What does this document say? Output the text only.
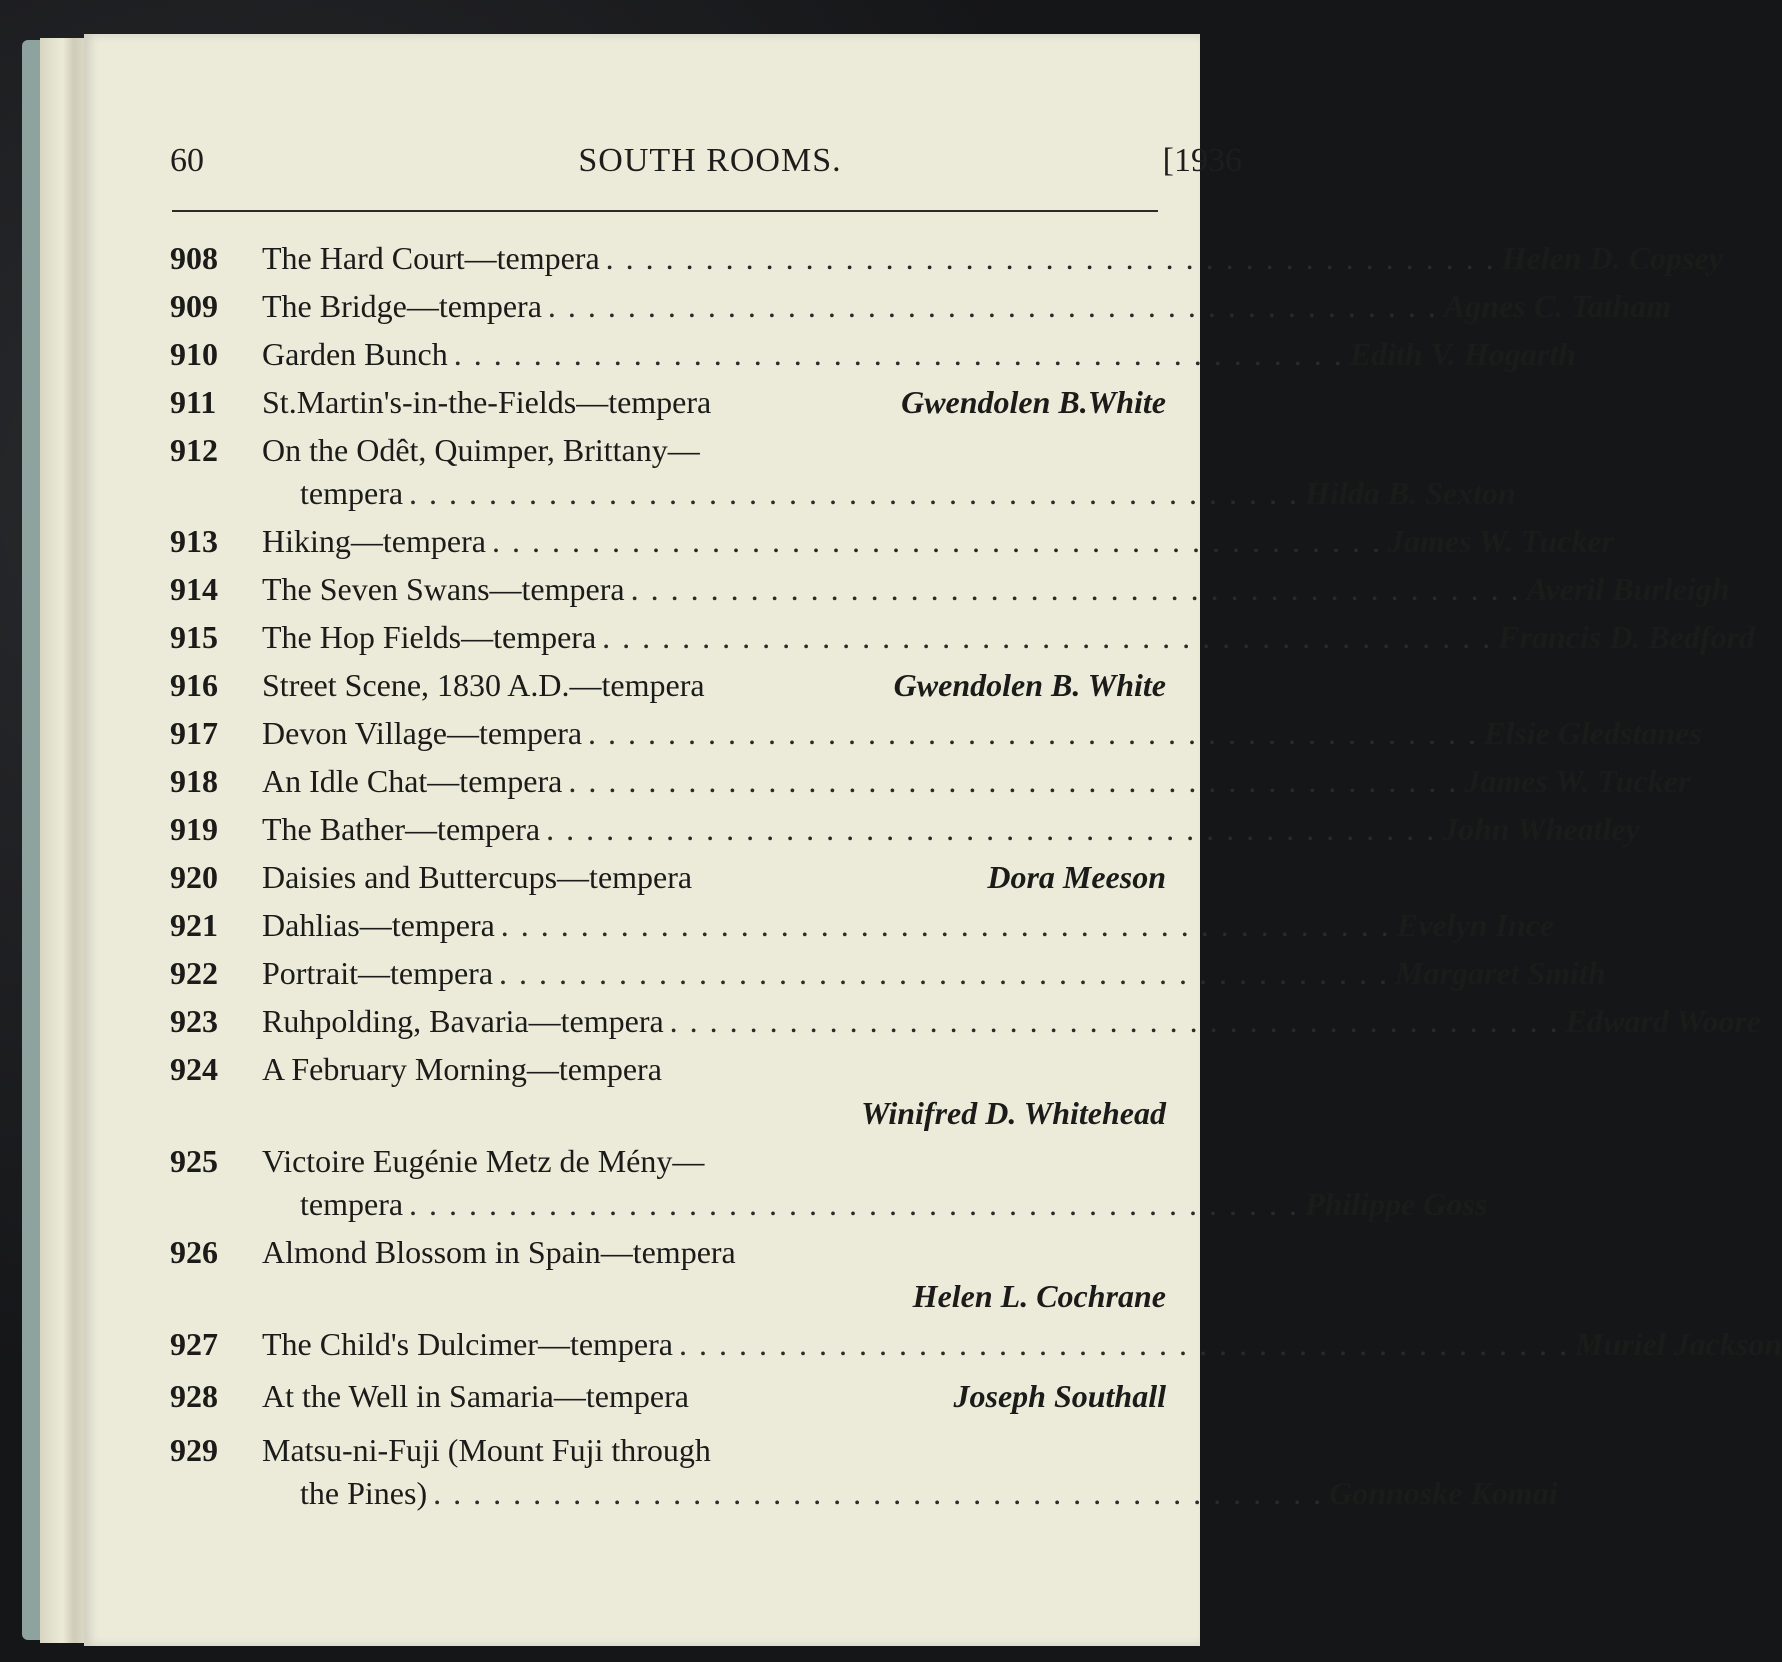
60	SOUTH ROOMS.	[1936
908	The Hard Court—tempera . . .	Helen D. Copsey
909	The Bridge—tempera . . .	Agnes C. Tatham
910	Garden Bunch . . .	Edith V. Hogarth
911	St.Martin's-in-the-Fields—tempera	Gwendolen B.White
912	On the Odêt, Quimper, Brittany—
tempera . . .	Hilda B. Sexton
913	Hiking—tempera . . .	James W. Tucker
914	The Seven Swans—tempera . . .	Averil Burleigh
915	The Hop Fields—tempera . . .	Francis D. Bedford
916	Street Scene, 1830 A.D.—tempera	Gwendolen B. White
917	Devon Village—tempera . . .	Elsie Gledstanes
918	An Idle Chat—tempera . . .	James W. Tucker
919	The Bather—tempera . . .	John Wheatley
920	Daisies and Buttercups—tempera	Dora Meeson
921	Dahlias—tempera . . .	Evelyn Ince
922	Portrait—tempera . . .	Margaret Smith
923	Ruhpolding, Bavaria—tempera . . .	Edward Woore
924	A February Morning—tempera
Winifred D. Whitehead
925	Victoire Eugénie Metz de Mény—
tempera . . .	Philippe Goss
926	Almond Blossom in Spain—tempera
Helen L. Cochrane
927	The Child's Dulcimer—tempera . . .	Muriel Jackson
928	At the Well in Samaria—tempera	Joseph Southall
929	Matsu-ni-Fuji (Mount Fuji through
the Pines) . . .	Gonnoske Komai
